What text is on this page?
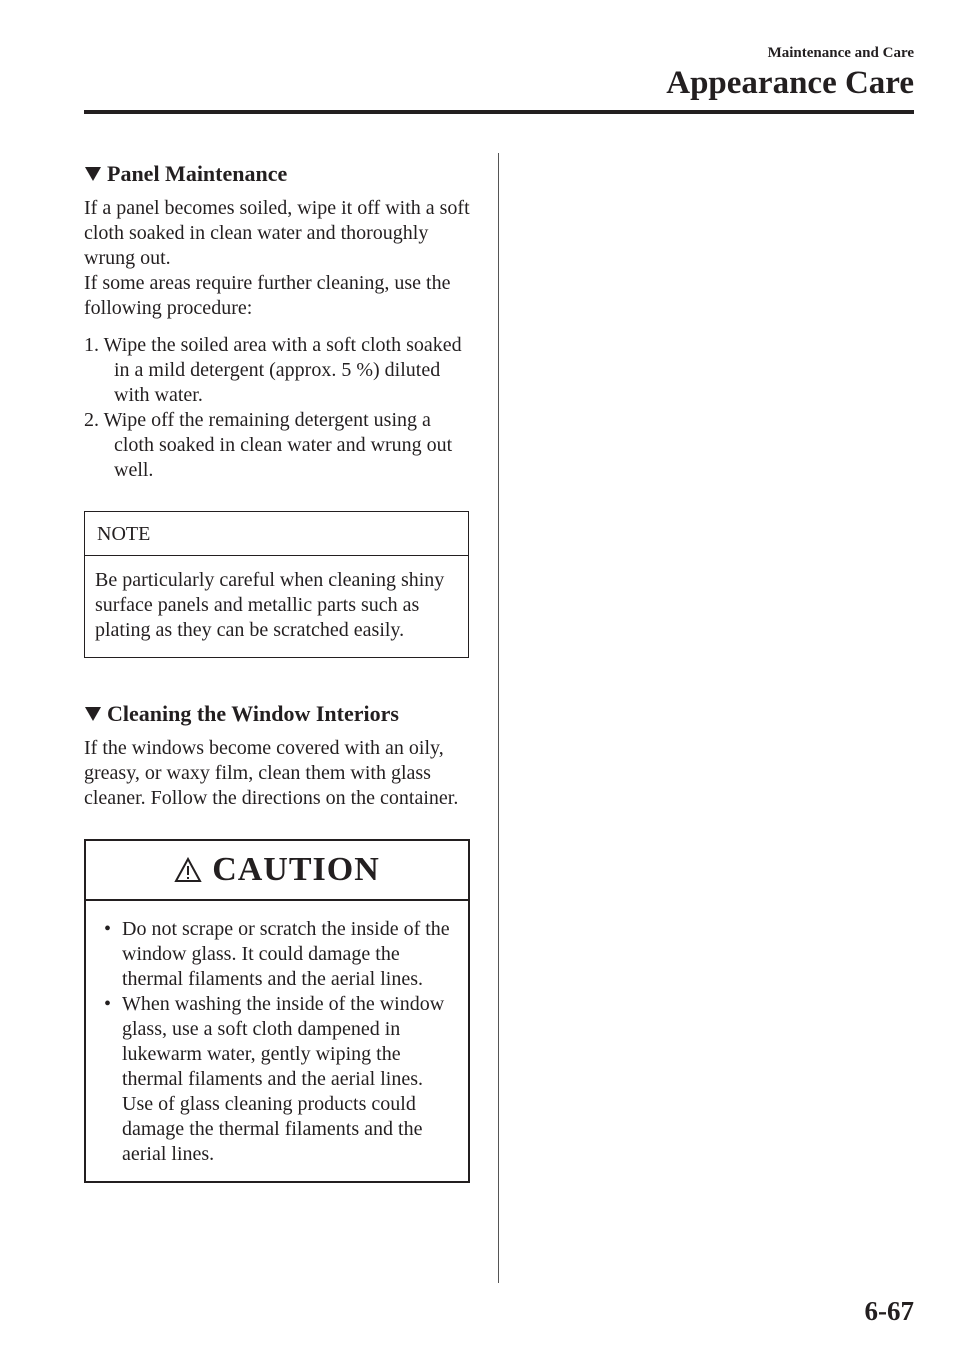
Maintenance and Care
Appearance Care
Panel Maintenance

If a panel becomes soiled, wipe it off with a soft cloth soaked in clean water and thoroughly wrung out.

If some areas require further cleaning, use the following procedure:

1. Wipe the soiled area with a soft cloth soaked in a mild detergent (approx. 5 %) diluted with water.
2. Wipe off the remaining detergent using a cloth soaked in clean water and wrung out well.
NOTE
Be particularly careful when cleaning shiny surface panels and metallic parts such as plating as they can be scratched easily.
Cleaning the Window Interiors

If the windows become covered with an oily, greasy, or waxy film, clean them with glass cleaner. Follow the directions on the container.

CAUTION
• Do not scrape or scratch the inside of the window glass. It could damage the thermal filaments and the aerial lines.
• When washing the inside of the window glass, use a soft cloth dampened in lukewarm water, gently wiping the thermal filaments and the aerial lines.
Use of glass cleaning products could damage the thermal filaments and the aerial lines.
6-67
